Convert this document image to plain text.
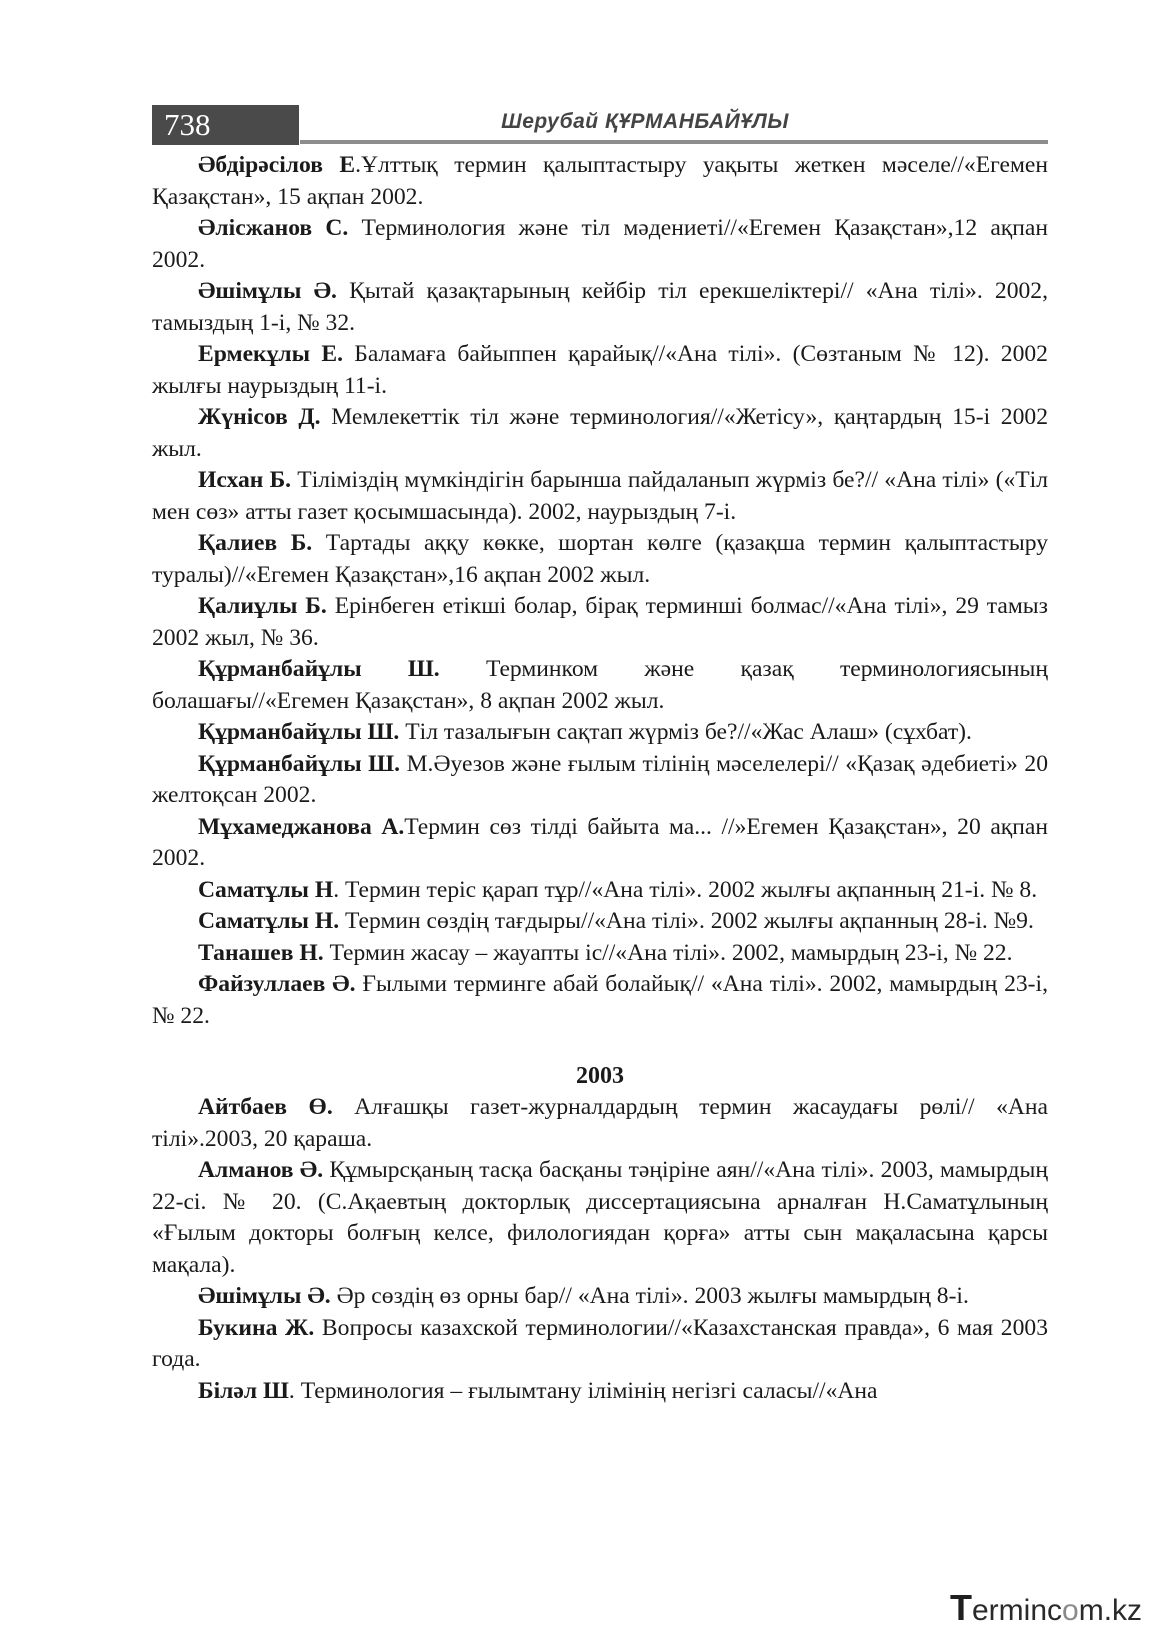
738	Шерубай ҚҰРМАНБАЙҰЛЫ

Әбдірәсілов Е.Ұлттық термин қалыптастыру уақыты жеткен мәселе//«Егемен Қазақстан», 15 ақпан 2002.

Әлісжанов С. Терминология және тіл мәдениеті//«Егемен Қазақстан»,12 ақпан 2002.

Әшімұлы Ә. Қытай қазақтарының кейбір тіл ерекшеліктері// «Ана тілі». 2002, тамыздың 1-і, № 32.

Ермекұлы Е. Баламаға байыппен қарайық//«Ана тілі». (Сөзтаным № 12). 2002 жылғы наурыздың 11-і.

Жүнісов Д. Мемлекеттік тіл және терминология//«Жетісу», қаңтардың 15-і 2002 жыл.

Исхан Б. Тіліміздің мүмкіндігін барынша пайдаланып жүрміз бе?// «Ана тілі» («Тіл мен сөз» атты газет қосымшасында). 2002, наурыздың 7-і.

Қалиев Б. Тартады аққу көкке, шортан көлге (қазақша термин қалыптастыру туралы)//«Егемен Қазақстан»,16 ақпан 2002 жыл.

Қалиұлы Б. Ерінбеген етікші болар, бірақ терминші болмас//«Ана тілі», 29 тамыз 2002 жыл, № 36.

Құрманбайұлы Ш. Терминком және қазақ терминологиясының болашағы//«Егемен Қазақстан», 8 ақпан 2002 жыл.

Құрманбайұлы Ш. Тіл тазалығын сақтап жүрміз бе?//«Жас Алаш» (сұхбат).

Құрманбайұлы Ш. М.Әуезов және ғылым тілінің мәселелері// «Қазақ әдебиеті» 20 желтоқсан 2002.

Мұхамеджанова А.Термин сөз тілді байыта ма... //»Егемен Қазақстан», 20 ақпан 2002.

Саматұлы Н. Термин теріс қарап тұр//«Ана тілі». 2002 жылғы ақпанның 21-і. № 8.

Саматұлы Н. Термин сөздің тағдыры//«Ана тілі». 2002 жылғы ақпанның 28-і. №9.

Танашев Н. Термин жасау – жауапты іс//«Ана тілі». 2002, мамырдың 23-і, № 22.

Файзуллаев Ә. Ғылыми терминге абай болайық// «Ана тілі». 2002, мамырдың 23-і, № 22.

2003

Айтбаев Ө. Алғашқы газет-журналдардың термин жасаудағы рөлі// «Ана тілі».2003, 20 қараша.

Алманов Ә. Құмырсқаның тасқа басқаны тәңіріне аян//«Ана тілі». 2003, мамырдың 22-сі. № 20. (С.Ақаевтың докторлық диссертациясына арналған Н.Саматұлының «Ғылым докторы болғың келсе, филологиядан қорға» атты сын мақаласына қарсы мақала).

Әшімұлы Ә. Әр сөздің өз орны бар// «Ана тілі». 2003 жылғы мамырдың 8-і.

Букина Ж. Вопросы казахской терминологии//«Казахстанская правда», 6 мая 2003 года.

Біләл Ш. Терминология – ғылымтану ілімінің негізгі саласы//«Ана

Termincom.kz
